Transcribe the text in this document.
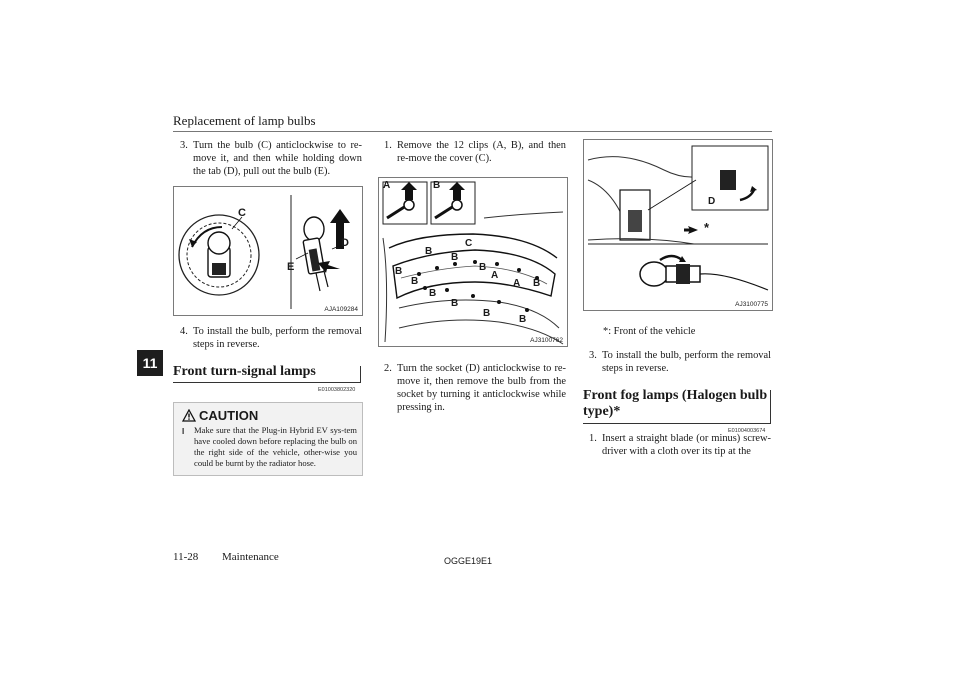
Replacement of lamp bulbs
11
3. Turn the bulb (C) anticlockwise to re-move it, and then while holding down the tab (D), pull out the bulb (E).
C
D
E
AJA109284
4. To install the bulb, perform the removal steps in reverse.
Front turn-signal lamps
E01003802320
CAUTION
l Make sure that the Plug-in Hybrid EV sys-tem have cooled down before replacing the bulb on the right side of the vehicle, other-wise you could be burnt by the radiator hose.
1. Remove the 12 clips (A, B), and then re-move the cover (C).
A	B
C
B
B
B
B	A
B	A B
B
B
B
B
AJ3100762
2. Turn the socket (D) anticlockwise to re-move it, then remove the bulb from the socket by turning it anticlockwise while pressing in.
D
*
AJ3100775
*: Front of the vehicle
3. To install the bulb, perform the removal steps in reverse.
Front fog lamps (Halogen bulb
type)*
E01004003674
1. Insert a straight blade (or minus) screw-driver with a cloth over its tip at the
11-28 Maintenance	OGGE19E1
